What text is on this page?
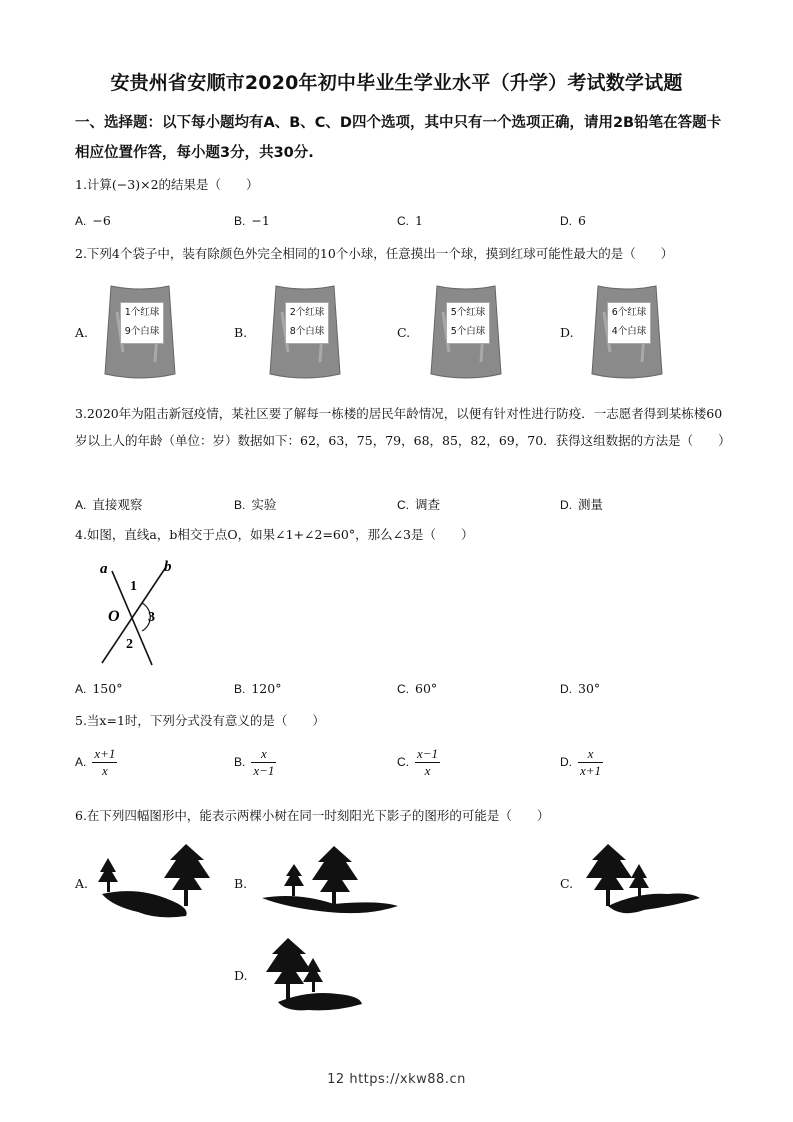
安贵州省安顺市2020年初中毕业生学业水平（升学）考试数学试题
一、选择题：以下每小题均有A、B、C、D四个选项，其中只有一个选项正确，请用2B铅笔在答题卡相应位置作答，每小题3分，共30分.
1.计算(−3)×2的结果是（　　）
A. −6	B. −1	C. 1	D. 6
2.下列4个袋子中，装有除颜色外完全相同的10个小球，任意摸出一个球，摸到红球可能性最大的是（　　）
A.
1个红球
9个白球	B.
2个红球
8个白球	C.
5个红球
5个白球	D.
6个红球
4个白球
3.2020年为阻击新冠疫情，某社区要了解每一栋楼的居民年龄情况，以便有针对性进行防疫．一志愿者得到某栋楼60岁以上人的年龄（单位：岁）数据如下：62，63，75，79，68，85，82，69，70．获得这组数据的方法是（　　）
A. 直接观察	B. 实验	C. 调查	D. 测量
4.如图，直线a，b相交于点O，如果∠1+∠2=60°，那么∠3是（　　）
a	b
O
1
2
3
A. 150°	B. 120°	C. 60°	D. 30°
5.当x=1时，下列分式没有意义的是（　　）
A. $\frac{x+1}{x}$	B. $\frac{x}{x-1}$	C. $\frac{x-1}{x}$	D. $\frac{x}{x+1}$
6.在下列四幅图形中，能表示两棵小树在同一时刻阳光下影子的图形的可能是（　　）
A.	B.	C.
D.
12 https://xkw88.cn
